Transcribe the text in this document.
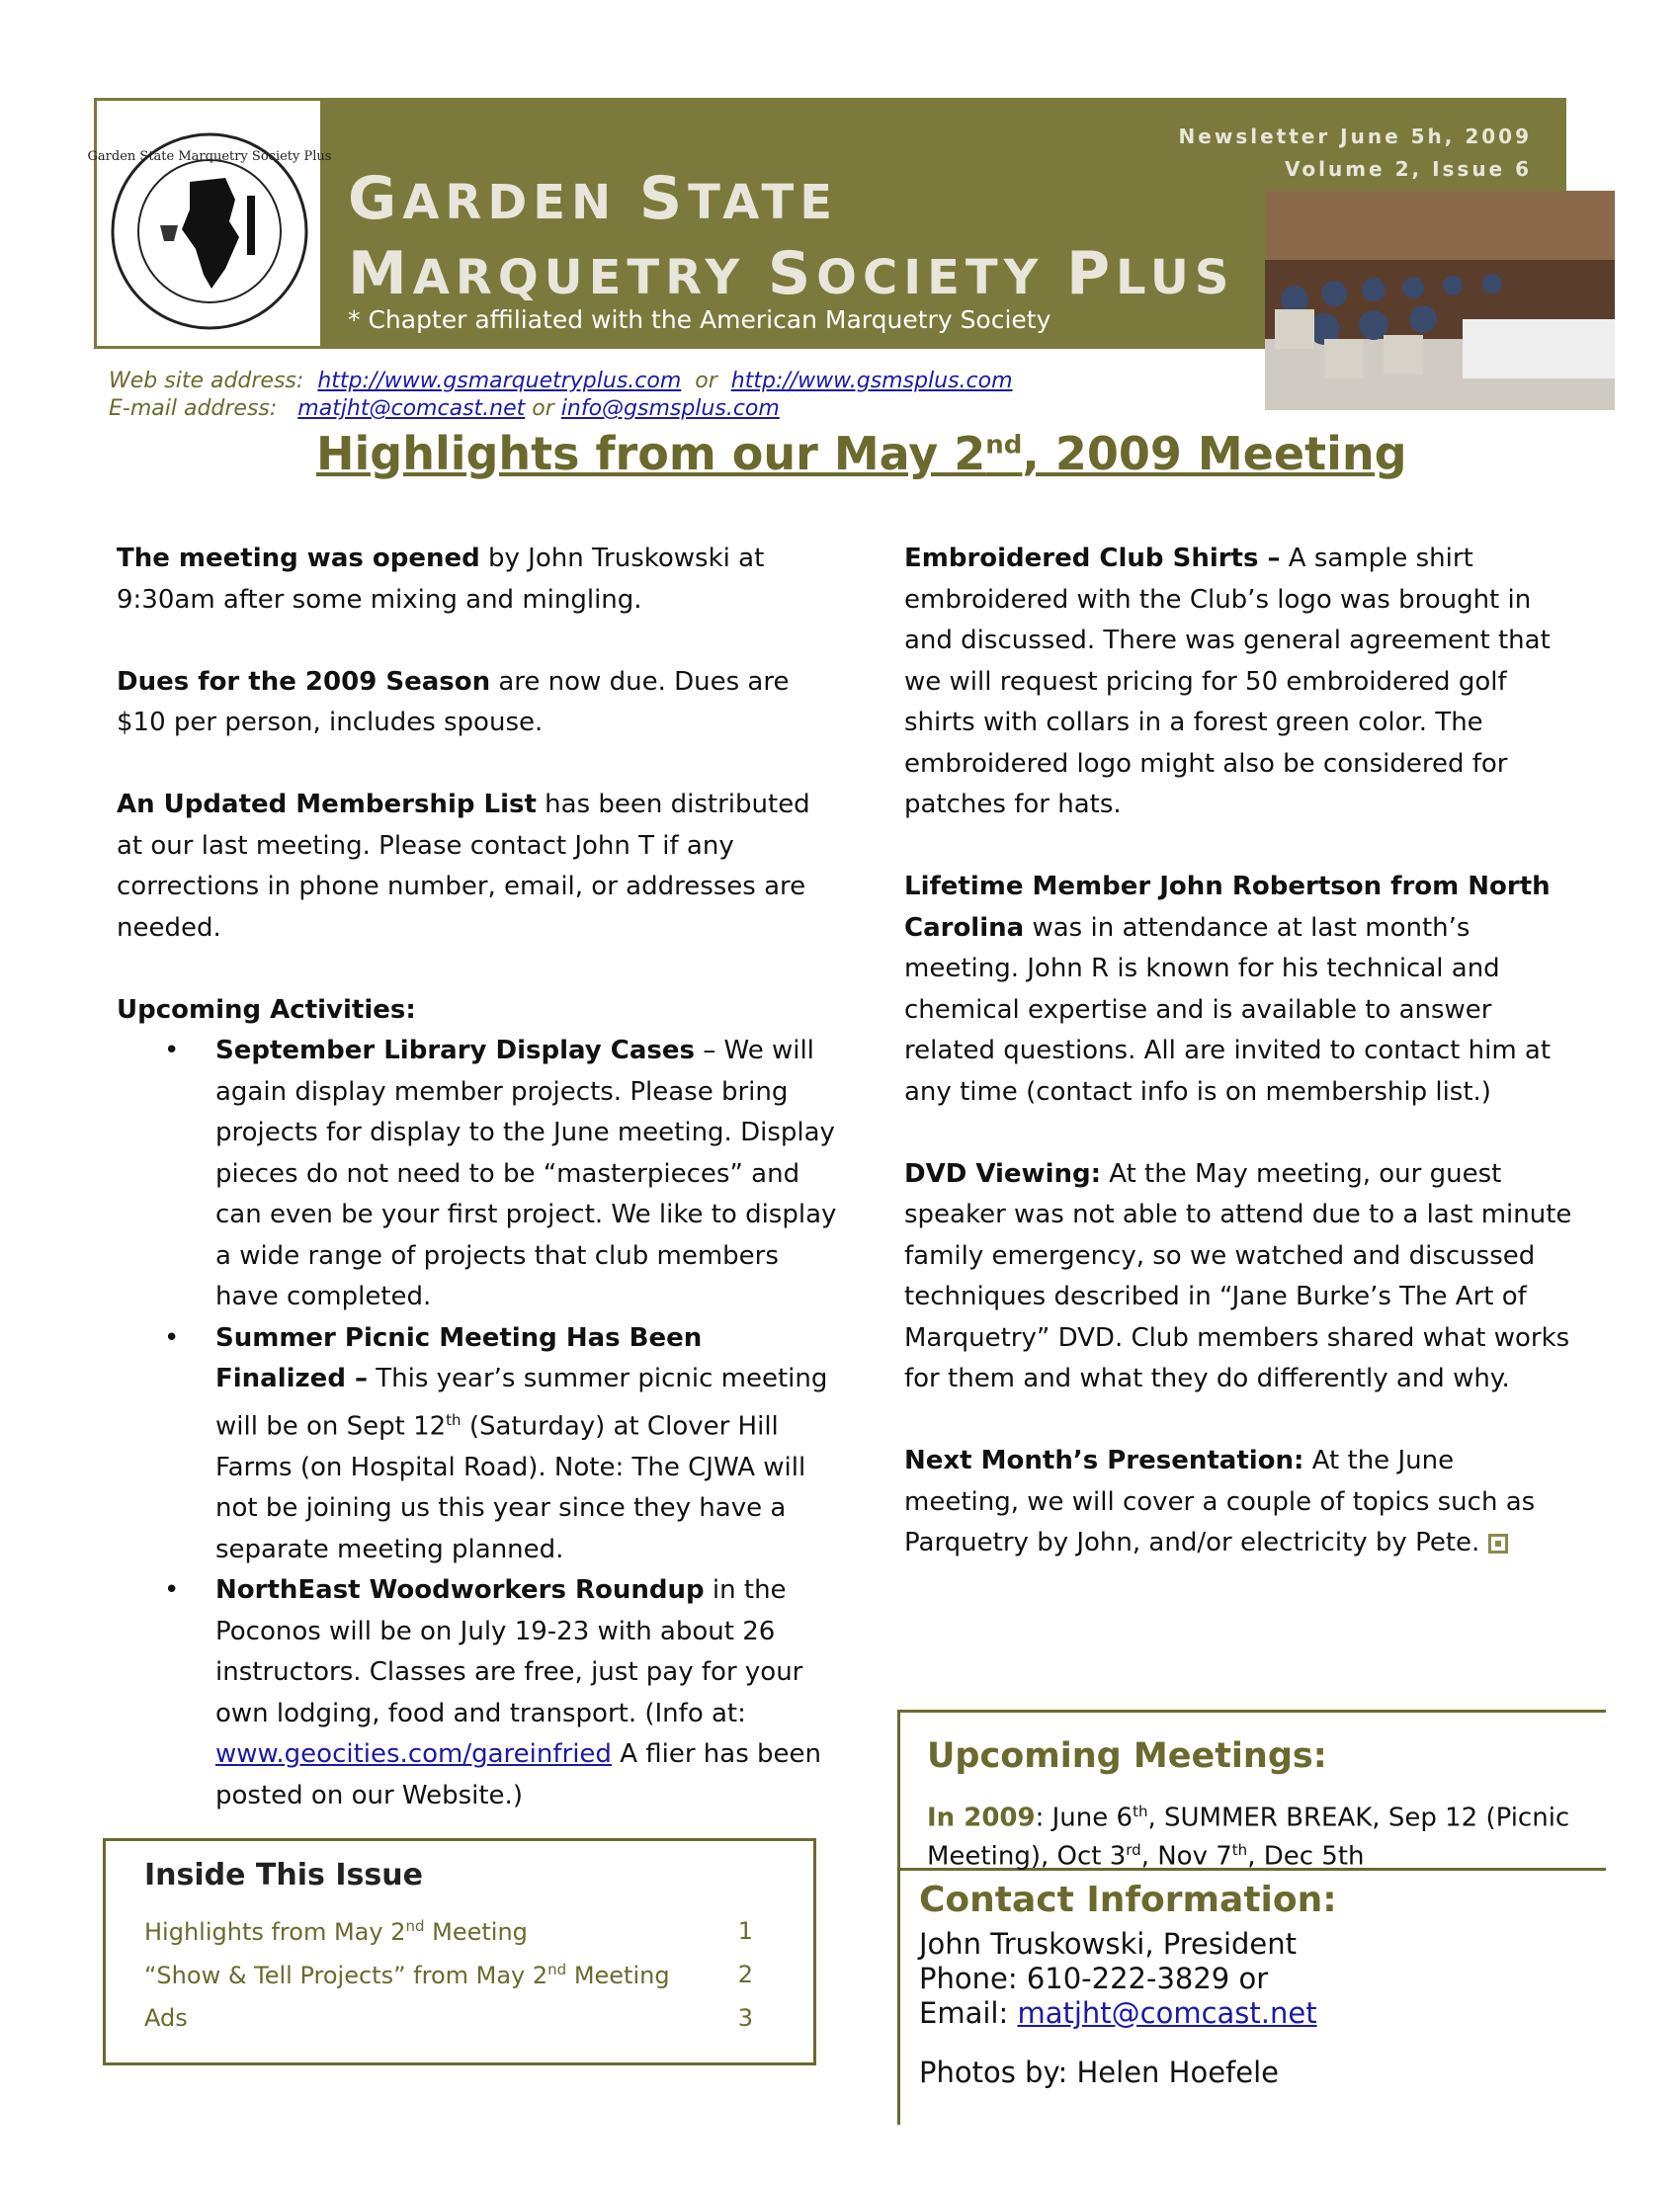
Garden State Marquetry Society Plus
GARDEN STATE
MARQUETRY SOCIETY PLUS
* Chapter affiliated with the American Marquetry Society
Newsletter June 5h, 2009
Volume 2, Issue 6
Web site address: http://www.gsmarquetryplus.com or http://www.gsmsplus.com
E-mail address: matjht@comcast.net or info@gsmsplus.com
Highlights from our May 2nd, 2009 Meeting

The meeting was opened by John Truskowski at 9:30am after some mixing and mingling.

Dues for the 2009 Season are now due. Dues are $10 per person, includes spouse.

An Updated Membership List has been distributed at our last meeting. Please contact John T if any corrections in phone number, email, or addresses are needed.

Upcoming Activities:
• September Library Display Cases – We will again display member projects. Please bring projects for display to the June meeting. Display pieces do not need to be “masterpieces” and can even be your first project. We like to display a wide range of projects that club members have completed.
• Summer Picnic Meeting Has Been Finalized – This year’s summer picnic meeting will be on Sept 12th (Saturday) at Clover Hill Farms (on Hospital Road). Note: The CJWA will not be joining us this year since they have a separate meeting planned.
• NorthEast Woodworkers Roundup in the Poconos will be on July 19-23 with about 26 instructors. Classes are free, just pay for your own lodging, food and transport. (Info at: www.geocities.com/gareinfried A flier has been posted on our Website.)

Embroidered Club Shirts – A sample shirt embroidered with the Club’s logo was brought in and discussed. There was general agreement that we will request pricing for 50 embroidered golf shirts with collars in a forest green color. The embroidered logo might also be considered for patches for hats.

Lifetime Member John Robertson from North Carolina was in attendance at last month’s meeting. John R is known for his technical and chemical expertise and is available to answer related questions. All are invited to contact him at any time (contact info is on membership list.)

DVD Viewing: At the May meeting, our guest speaker was not able to attend due to a last minute family emergency, so we watched and discussed techniques described in “Jane Burke’s The Art of Marquetry” DVD. Club members shared what works for them and what they do differently and why.

Next Month’s Presentation: At the June meeting, we will cover a couple of topics such as Parquetry by John, and/or electricity by Pete.

Inside This Issue
Highlights from May 2nd Meeting	1
“Show & Tell Projects” from May 2nd Meeting	2
Ads	3
Upcoming Meetings:
In 2009: June 6th, SUMMER BREAK, Sep 12 (Picnic Meeting), Oct 3rd, Nov 7th, Dec 5th
Contact Information:
John Truskowski, President
Phone: 610-222-3829 or
Email: matjht@comcast.net
Photos by: Helen Hoefele
